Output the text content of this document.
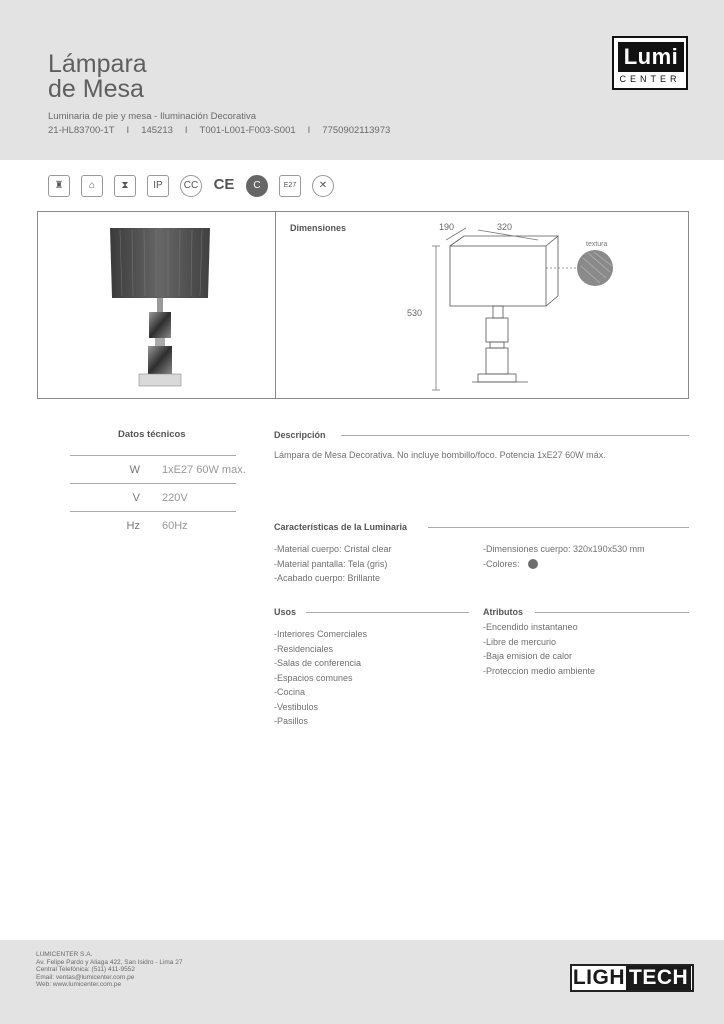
Lámpara
de Mesa
Luminaria de pie y mesa - Iluminación Decorativa
21-HL83700-1T I 145213 I T001-L001-F003-S001 I 7750902113973
Lumi
CENTER
♜	⌂	⧗	IP	CC CE	C	E27	✕
190	320
530
textura
Dimensiones
Datos técnicos
W 1xE27 60W max.
V 220V
Hz 60Hz
Descripción
Lámpara de Mesa Decorativa. No incluye bombillo/foco. Potencia 1xE27 60W máx.
Características de la Luminaria
-Material cuerpo: Cristal clear
-Material pantalla: Tela (gris)
-Acabado cuerpo: Brillante
-Dimensiones cuerpo: 320x190x530 mm
-Colores:
Usos
-Interiores Comerciales
-Residenciales
-Salas de conferencia
-Espacios comunes
-Cocina
-Vestibulos
-Pasillos
Atributos
-Encendido instantaneo
-Libre de mercurio
-Baja emision de calor
-Proteccion medio ambiente
LUMICENTER S.A.
Av. Felipe Pardo y Aliaga 422, San Isidro - Lima 27
Central Telefónica: (511) 411-9552
Email: ventas@lumicenter.com.pe
Web: www.lumicenter.com.pe	LIGH TECH
